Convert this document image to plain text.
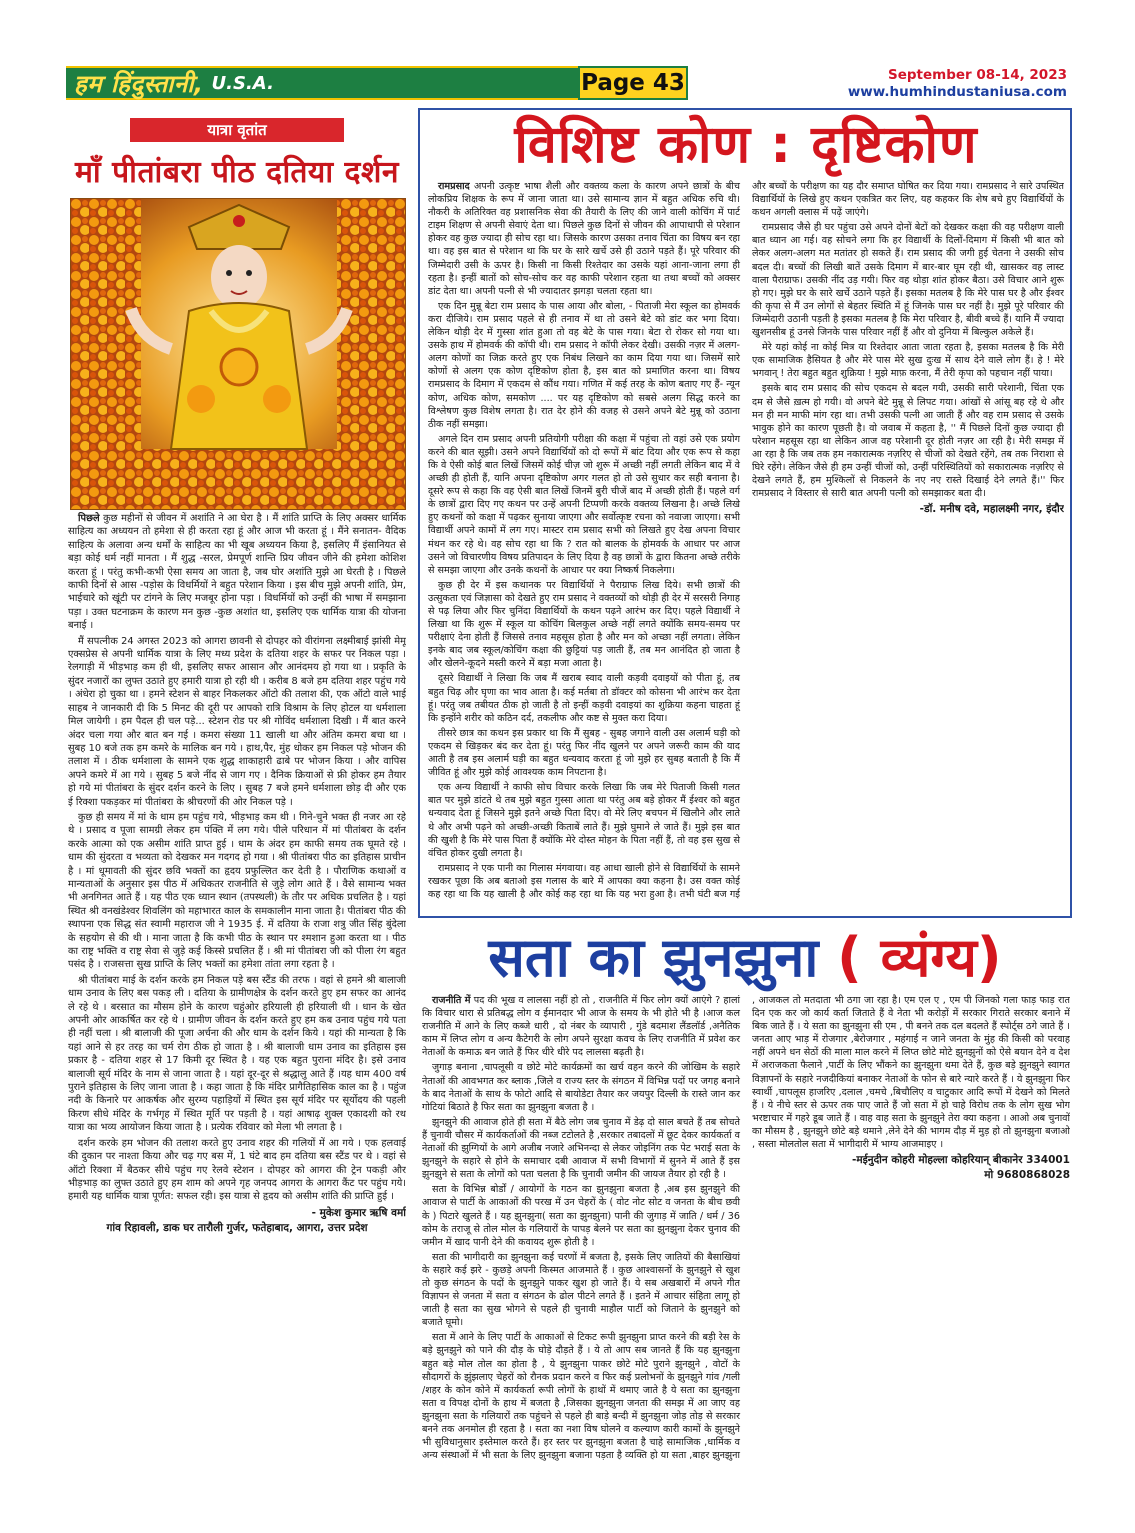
हम हिंदुस्तानी, U.S.A.	Page 43	September 08-14, 2023
www.humhindustaniusa.com
यात्रा वृतांत
माँ पीतांबरा पीठ दतिया दर्शन

पिछले कुछ महीनों से जीवन में अशांति ने आ घेरा है । मैं शांति प्राप्ति के लिए अक्सर धार्मिक साहित्य का अध्ययन तो हमेशा से ही करता रहा हूं और आज भी करता हूं । मैंने सनातन- वैदिक साहित्य के अलावा अन्य धर्मों के साहित्य का भी खूब अध्ययन किया है, इसलिए मैं इंसानियत से बड़ा कोई धर्म नहीं मानता । मैं शुद्ध -सरल, प्रेमपूर्ण शान्ति प्रिय जीवन जीने की हमेशा कोशिश करता हूं । परंतु कभी-कभी ऐसा समय आ जाता है, जब घोर अशांति मुझे आ घेरती है । पिछले काफी दिनों से आस -पड़ोस के विधर्मियों ने बहुत परेशान किया । इस बीच मुझे अपनी शांति, प्रेम, भाईचारे को खूंटी पर टांगने के लिए मजबूर होना पड़ा । विधर्मियों को उन्हीं की भाषा में समझाना पड़ा । उक्त घटनाक्रम के कारण मन कुछ -कुछ अशांत था, इसलिए एक धार्मिक यात्रा की योजना बनाई ।

मैं सपत्नीक 24 अगस्त 2023 को आगरा छावनी से दोपहर को वीरांगना लक्ष्मीबाई झांसी मेमू एक्सप्रेस से अपनी धार्मिक यात्रा के लिए मध्य प्रदेश के दतिया शहर के सफर पर निकल पड़ा । रेलगाड़ी में भीड़भाड़ कम ही थी, इसलिए सफर आसान और आनंदमय हो गया था । प्रकृति के सुंदर नजारों का लुफ्त उठाते हुए हमारी यात्रा हो रही थी । करीब 8 बजे हम दतिया शहर पहुंच गये । अंधेरा हो चुका था । हमने स्टेशन से बाहर निकलकर ऑटो की तलाश की, एक ऑटो वाले भाई साहब ने जानकारी दी कि 5 मिनट की दूरी पर आपको रात्रि विश्राम के लिए होटल या धर्मशाला मिल जायेगी । हम पैदल ही चल पड़े... स्टेशन रोड पर श्री गोविंद धर्मशाला दिखी । मैं बात करने अंदर चला गया और बात बन गई । कमरा संख्या 11 खाली था और अंतिम कमरा बचा था । सुबह 10 बजे तक हम कमरे के मालिक बन गये । हाथ,पैर, मुंह धोकर हम निकल पड़े भोजन की तलाश में । ठीक धर्मशाला के सामने एक शुद्ध शाकाहारी ढाबे पर भोजन किया । और वापिस अपने कमरे में आ गये । सुबह 5 बजे नींद से जाग गए । दैनिक क्रियाओं से फ्री होकर हम तैयार हो गये मां पीतांबरा के सुंदर दर्शन करने के लिए । सुबह 7 बजे हमने धर्मशाला छोड़ दी और एक ई रिक्शा पकड़कर मां पीतांबरा के श्रीचरणों की ओर निकल पड़े ।

कुछ ही समय में मां के धाम हम पहुंच गये, भीड़भाड़ कम थी । गिने-चुने भक्त ही नजर आ रहे थे । प्रसाद व पूजा सामग्री लेकर हम पंक्ति में लग गये। पीले परिधान में मां पीतांबरा के दर्शन करके आत्मा को एक असीम शांति प्राप्त हुई । धाम के अंदर हम काफी समय तक घूमते रहे । धाम की सुंदरता व भव्यता को देखकर मन गदगद हो गया । श्री पीतांबरा पीठ का इतिहास प्राचीन है । मां धूमावती की सुंदर छवि भक्तों का हृदय प्रफुल्लित कर देती है । पौराणिक कथाओं व मान्यताओं के अनुसार इस पीठ में अधिकतर राजनीति से जुड़े लोग आते हैं । वैसे सामान्य भक्त भी अनगिनत आते हैं । यह पीठ एक ध्यान स्थान (तपस्थली) के तौर पर अधिक प्रचलित है । यहां स्थित श्री वनखंडेश्वर शिवलिंग को महाभारत काल के समकालीन माना जाता है। पीतांबरा पीठ की स्थापना एक सिद्ध संत स्वामी महाराज जी ने 1935 ई. में दतिया के राजा शत्रु जीत सिंह बुंदेला के सहयोग से की थी । माना जाता है कि कभी पीठ के स्थान पर श्मशान हुआ करता था । पीठ का राष्ट्र भक्ति व राष्ट्र सेवा से जुड़े कई किस्से प्रचलित हैं । श्री मां पीतांबरा जी को पीला रंग बहुत पसंद है । राजसत्ता सुख प्राप्ति के लिए भक्तों का हमेशा तांता लगा रहता है ।

श्री पीतांबरा माई के दर्शन करके हम निकल पड़े बस स्टैंड की तरफ । वहां से हमने श्री बालाजी धाम उनाव के लिए बस पकड़ ली । दतिया के ग्रामीणक्षेत्र के दर्शन करते हुए हम सफर का आनंद ले रहे थे । बरसात का मौसम होने के कारण चहुंओर हरियाली ही हरियाली थी । धान के खेत अपनी ओर आकर्षित कर रहे थे । ग्रामीण जीवन के दर्शन करते हुए हम कब उनाव पहुंच गये पता ही नहीं चला । श्री बालाजी की पूजा अर्चना की और धाम के दर्शन किये । यहां की मान्यता है कि यहां आने से हर तरह का चर्म रोग ठीक हो जाता है । श्री बालाजी धाम उनाव का इतिहास इस प्रकार है - दतिया शहर से 17 किमी दूर स्थित है । यह एक बहुत पुराना मंदिर है। इसे उनाव बालाजी सूर्य मंदिर के नाम से जाना जाता है । यहां दूर-दूर से श्रद्धालु आते हैं ।यह धाम 400 वर्ष पुराने इतिहास के लिए जाना जाता है । कहा जाता है कि मंदिर प्रागैतिहासिक काल का है । पहुंज नदी के किनारे पर आकर्षक और सुरम्य पहाड़ियों में स्थित इस सूर्य मंदिर पर सूर्योदय की पहली किरण सीधे मंदिर के गर्भगृह में स्थित मूर्ति पर पड़ती है । यहां आषाढ़ शुक्ल एकादशी को रथ यात्रा का भव्य आयोजन किया जाता है । प्रत्येक रविवार को मेला भी लगता है ।

दर्शन करके हम भोजन की तलाश करते हुए उनाव शहर की गलियों में आ गये । एक हलवाई की दुकान पर नाश्ता किया और चढ़ गए बस में, 1 घंटे बाद हम दतिया बस स्टैंड पर थे । वहां से ऑटो रिक्शा में बैठकर सीधे पहुंच गए रेलवे स्टेशन । दोपहर को आगरा की ट्रेन पकड़ी और भीड़भाड़ का लुफ्त उठाते हुए हम शाम को अपने गृह जनपद आगरा के आगरा कैंट पर पहुंच गये। हमारी यह धार्मिक यात्रा पूर्णत: सफल रही। इस यात्रा से हृदय को असीम शांति की प्राप्ति हुई ।

- मुकेश कुमार ऋषि वर्मा

गांव रिहावली, डाक घर तारौली गुर्जर, फतेहाबाद, आगरा, उत्तर प्रदेश

विशिष्ट कोण : दृष्टिकोण

रामप्रसाद अपनी उत्कृष्ट भाषा शैली और वक्तव्य कला के कारण अपने छात्रों के बीच लोकप्रिय शिक्षक के रूप में जाना जाता था। उसे सामान्य ज्ञान में बहुत अधिक रुचि थी। नौकरी के अतिरिक्त वह प्रशासनिक सेवा की तैयारी के लिए की जाने वाली कोचिंग में पार्ट टाइम शिक्षण से अपनी सेवाएं देता था। पिछले कुछ दिनों से जीवन की आपाधापी से परेशान होकर वह कुछ ज्यादा ही सोच रहा था। जिसके कारण उसका तनाव चिंता का विषय बन रहा था। वह इस बात से परेशान था कि घर के सारे खर्चे उसे ही उठाने पड़ते हैं। पूरे परिवार की जिम्मेदारी उसी के ऊपर है। किसी ना किसी रिश्तेदार का उसके यहां आना-जाना लगा ही रहता है। इन्हीं बातों को सोच-सोच कर वह काफी परेशान रहता था तथा बच्चों को अक्सर डांट देता था। अपनी पत्नी से भी ज्यादातर झगड़ा चलता रहता था।

एक दिन मुन्नू बेटा राम प्रसाद के पास आया और बोला, - पिताजी मेरा स्कूल का होमवर्क करा दीजिये। राम प्रसाद पहले से ही तनाव में था तो उसने बेटे को डांट कर भगा दिया। लेकिन थोड़ी देर में गुस्सा शांत हुआ तो वह बेटे के पास गया। बेटा रो रोकर सो गया था। उसके हाथ में होमवर्क की कॉपी थी। राम प्रसाद ने कॉपी लेकर देखी। उसकी नज़र में अलग-अलग कोणों का जिक्र करते हुए एक निबंध लिखने का काम दिया गया था। जिसमें सारे कोणों से अलग एक कोण दृष्टिकोण होता है, इस बात को प्रमाणित करना था। विषय रामप्रसाद के दिमाग में एकदम से कौंध गया। गणित में कई तरह के कोण बताए गए हैं- न्यून कोण, अधिक कोण, समकोण .... पर यह दृष्टिकोण को सबसे अलग सिद्ध करने का विश्लेषण कुछ विशेष लगता है। रात देर होने की वजह से उसने अपने बेटे मुन्नू को उठाना ठीक नहीं समझा।

अगले दिन राम प्रसाद अपनी प्रतियोगी परीक्षा की कक्षा में पहुंचा तो वहां उसे एक प्रयोग करने की बात सूझी। उसने अपने विद्यार्थियों को दो रूपों में बांट दिया और एक रूप से कहा कि वे ऐसी कोई बात लिखें जिसमें कोई चीज़ जो शुरू में अच्छी नहीं लगती लेकिन बाद में वे अच्छी ही होती हैं, यानि अपना दृष्टिकोण अगर गलत हो तो उसे सुधार कर सही बनाना है। दूसरे रूप से कहा कि वह ऐसी बात लिखें जिनमें बुरी चीजें बाद में अच्छी होती हैं। पहले वर्ग के छात्रों द्वारा दिए गए कथन पर उन्हें अपनी टिप्पणी करके वक्तव्य लिखना है। अच्छे लिखे हुए कथनों को कक्षा में पढ़कर सुनाया जाएगा और सर्वोत्कृष्ट रचना को नवाजा जाएगा। सभी विद्यार्थी अपने कामों में लग गए। मास्टर राम प्रसाद सभी को लिखते हुए देख अपना विचार मंथन कर रहे थे। वह सोच रहा था कि ? रात को बालक के होमवर्क के आधार पर आज उसने जो विचारणीय विषय प्रतिपादन के लिए दिया है वह छात्रों के द्वारा कितना अच्छे तरीके से समझा जाएगा और उनके कथनों के आधार पर क्या निष्कर्ष निकलेगा।

कुछ ही देर में इस कथानक पर विद्यार्थियों ने पैराग्राफ लिख दिये। सभी छात्रों की उत्सुकता एवं जिज्ञासा को देखते हुए राम प्रसाद ने वक्तव्यों को थोड़ी ही देर में सरसरी निगाह से पढ़ लिया और फिर चुनिंदा विद्यार्थियों के कथन पढ़ने आरंभ कर दिए। पहले विद्यार्थी ने लिखा था कि शुरू में स्कूल या कोचिंग बिलकुल अच्छे नहीं लगते क्योंकि समय-समय पर परीक्षाएं देना होती हैं जिससे तनाव महसूस होता है और मन को अच्छा नहीं लगता। लेकिन इनके बाद जब स्कूल/कोचिंग कक्षा की छुट्टियां पड़ जाती हैं, तब मन आनंदित हो जाता है और खेलने-कूदने मस्ती करने में बड़ा मजा आता है।

दूसरे विद्यार्थी ने लिखा कि जब मैं खराब स्वाद वाली कड़वी दवाइयों को पीता हूं, तब बहुत चिढ़ और घृणा का भाव आता है। कई मर्तबा तो डॉक्टर को कोसना भी आरंभ कर देता हूं। परंतु जब तबीयत ठीक हो जाती है तो इन्हीं कड़वी दवाइयां का शुक्रिया कहना चाहता हूं कि इन्होंने शरीर को कठिन दर्द, तकलीफ और कष्ट से मुक्त करा दिया।

तीसरे छात्र का कथन इस प्रकार था कि मैं सुबह - सुबह जगाने वाली उस अलार्म घड़ी को एकदम से खिड़कर बंद कर देता हूं। परंतु फिर नींद खुलने पर अपने जरूरी काम की याद आती है तब इस अलार्म घड़ी का बहुत धन्यवाद करता हूं जो मुझे हर सुबह बताती है कि मैं जीवित हूं और मुझे कोई आवश्यक काम निपटाना है।

एक अन्य विद्यार्थी ने काफी सोच विचार करके लिखा कि जब मेरे पिताजी किसी गलत बात पर मुझे डांटते थे तब मुझे बहुत गुस्सा आता था परंतु अब बड़े होकर मैं ईश्वर को बहुत धन्यवाद देता हूं जिसने मुझे इतने अच्छे पिता दिए। वो मेरे लिए बचपन में खिलौने और लाते थे और अभी पढ़ने को अच्छी-अच्छी किताबें लाते हैं। मुझे घुमाने ले जाते हैं। मुझे इस बात की खुशी है कि मेरे पास पिता हैं क्योंकि मेरे दोस्त मोहन के पिता नहीं हैं, तो वह इस सुख से वंचित होकर दुखी लगता है।

रामप्रसाद ने एक पानी का गिलास मंगवाया। वह आधा खाली होने से विद्यार्थियों के सामने रखकर पूछा कि अब बताओ इस गलास के बारे में आपका क्या कहना है। उस वक्त कोई कह रहा था कि यह खाली है और कोई कह रहा था कि यह भरा हुआ है। तभी घंटी बज गई और बच्चों के परीक्षण का यह दौर समाप्त घोषित कर दिया गया। रामप्रसाद ने सारे उपस्थित विद्यार्थियों के लिखे हुए कथन एकत्रित कर लिए, यह कहकर कि शेष बचे हुए विद्यार्थियों के कथन अगली क्लास में पढ़ें जाएंगे।

रामप्रसाद जैसे ही घर पहुंचा उसे अपने दोनों बेटों को देखकर कक्षा की वह परीक्षण वाली बात ध्यान आ गई। वह सोचने लगा कि हर विद्यार्थी के दिलों-दिमाग में किसी भी बात को लेकर अलग-अलग मत मतांतर हो सकते हैं। राम प्रसाद की जगी हुई चेतना ने उसकी सोच बदल दी। बच्चों की लिखी बातें उसके दिमाग में बार-बार घूम रही थी, खासकर वह लास्ट वाला पैराग्राफ। उसकी नींद उड़ गयी। फिर वह थोड़ा शांत होकर बैठा। उसे विचार आने शुरू हो गए। मुझे घर के सारे खर्चे उठाने पड़ते हैं। इसका मतलब है कि मेरे पास घर है और ईश्वर की कृपा से मैं उन लोगों से बेहतर स्थिति में हूं जिनके पास घर नहीं है। मुझे पूरे परिवार की जिम्मेदारी उठानी पड़ती है इसका मतलब है कि मेरा परिवार है, बीवी बच्चे हैं। यानि मैं ज्यादा खुशनसीब हूं उनसे जिनके पास परिवार नहीं हैं और वो दुनिया में बिल्कुल अकेले हैं।

मेरे यहां कोई ना कोई मित्र या रिश्तेदार आता जाता रहता है, इसका मतलब है कि मेरी एक सामाजिक हैसियत है और मेरे पास मेरे सुख दुःख में साथ देने वाले लोग हैं। हे ! मेरे भगवान्‌ ! तेरा बहुत बहुत शुक्रिया ! मुझे माफ़ करना, मैं तेरी कृपा को पहचान नहीं पाया।

इसके बाद राम प्रसाद की सोच एकदम से बदल गयी, उसकी सारी परेशानी, चिंता एक दम से जैसे ख़त्म हो गयी। वो अपने बेटे मुन्नू से लिपट गया। आंखों से आंसू बह रहे थे और मन ही मन माफी मांग रहा था। तभी उसकी पत्नी आ जाती हैं और वह राम प्रसाद से उसके भावुक होने का कारण पूछती है। वो जवाब में कहता है, '' मैं पिछले दिनों कुछ ज्यादा ही परेशान महसूस रहा था लेकिन आज वह परेशानी दूर होती नज़र आ रही है। मेरी समझ में आ रहा है कि जब तक हम नकारात्मक नज़रिए से चीजों को देखते रहेंगे, तब तक निराशा से घिरे रहेंगे। लेकिन जैसे ही हम उन्हीं चीजों को, उन्हीं परिस्थितियों को सकारात्मक नज़रिए से देखने लगते हैं, हम मुश्किलों से निकलने के नए नए रास्ते दिखाई देने लगते हैं।'' फिर रामप्रसाद ने विस्तार से सारी बात अपनी पत्नी को समझाकर बता दी।

-डॉ. मनीष दवे, महालक्ष्मी नगर, इंदौर

सता का झुनझुना ( व्यंग्य)

राजनीति में पद की भूख व लालसा नहीं हो तो , राजनीति में फिर लोग क्यों आएंगे ? हालां कि विचार धारा से प्रतिबद्ध लोग व ईमानदार भी आज के समय के भी होते भी है ।आज कल राजनीति में आने के लिए कब्जे धारी , दो नंबर के व्यापारी , गुंडे बदमाश लैंडलॉर्ड ,अनैतिक काम में लिप्त लोग व अन्य कैटेगरी के लोग अपने सुरक्षा कवच के लिए राजनीति में प्रवेश कर नेताओं के कमाऊ बन जाते हैं फिर धीरे धीरे पद लालसा बढ़ती है।

जुगाड़ बनाना ,चापलूसी व छोटे मोटे कार्यक्रमों का खर्च वहन करने की जोखिम के सहारे नेताओं की आवभगत कर ब्लाक ,जिले व राज्य स्तर के संगठन में विभिन्न पदों पर जगह बनाने के बाद नेताओं के साथ के फोटो आदि से बायोडेटा तैयार कर जयपुर दिल्ली के रास्ते जान कर गोटियां बिठाते है फिर सता का झुनझुना बजता है ।

झुनझुने की आवाज होते ही सता में बैठे लोग जब चुनाव में डेढ़ दो साल बचते हैं तब सोचते हैं चुनावी चौसर में कार्यकर्ताओं की नब्ज टटोलते है ,सरकार तबादलों में छूट देकर कार्यकर्ता व नेताओं की झुग्गियों के आगे अजीब नजारे अभिनन्दा से लेकर जोइनिंग तक पेट भराई सता के झुनझुने के सहारे से होने के समाचार दबी आवाज में सभी विभागों में सुनने में आते हैं इस झुनझुने से सता के लोगों को पता चलता है कि चुनावी जमीन की जायज तैयार हो रही है ।

सता के विभिन्न बोर्डों / आयोगों के गठन का झुनझुना बजता है ,अब इस झुनझुने की आवाज से पार्टी के आकाओं की परख में उन चेहरों के ( वोट नोट सोट व जनता के बीच छवी के ) पिटारे खुलते हैं । यह झुनझुना( सता का झुनझुना) पानी की जुगाड़ में जाति / धर्म / 36 कोम के तराजू से तोल मोल के गलियारों के पापड़ बेलने पर सता का झुनझुना देकर चुनाव की जमीन में खाद पानी देने की कवायद शुरू होती है ।

सता की भागीदारी का झुनझुना कई चरणों में बजता है, इसके लिए जातियों की बैसाखियां के सहारे कई झरे - कुछड़े अपनी किस्मत आजमाते हैं । कुछ आश्वासनों के झुनझुने से खुश तो कुछ संगठन के पदों के झुनझुने पाकर खुश हो जाते हैं। ये सब अखबारों में अपने गीत विज्ञापन से जनता में सता व संगठन के ढोल पीटने लगते हैं । इतने में आचार संहिता लागू हो जाती है सता का सुख भोगने से पहले ही चुनावी माहौल पार्टी को जिताने के झुनझुने को बजाते घूमो।

सता में आने के लिए पार्टी के आकाओं से टिकट रूपी झुनझुना प्राप्त करने की बड़ी रेस के बड़े झुनझुने को पाने की दौड़ के घोड़े दौड़ते हैं । ये तो आप सब जानते हैं कि यह झुनझुना बहुत बड़े मोल तोल का होता है , ये झुनझुना पाकर छोटे मोटे पुराने झुनझुने , वोटों के सौदागरों के झुंझलाए चेहरों को रौनक प्रदान करने व फिर कई प्रलोभनों के झुनझुने गांव /गली /शहर के कोन कोने में कार्यकर्ता रूपी लोगों के हाथों में थमाए जाते है ये सता का झुनझुना सता व विपक्ष दोनों के हाथ में बजता है ,जिसका झुनझुना जनता की समझ में आ जाए वह झुनझुना सता के गलियारों तक पहुंचने से पहले ही बाड़े बन्दी में झुनझुना जोड़ तोड़ से सरकार बनने तक अनमोल ही रहता है । सता का नशा विष घोलने व कल्याण कारी कामों के झुनझुने भी सुविधानुसार इस्तेमाल करते हैं। हर स्तर पर झुनझुना बजता है चाहे सामाजिक ,धार्मिक व अन्य संस्थाओं में भी सता के लिए झुनझुना बजाना पड़ता है व्यक्ति हो या सता ,बाहर झुनझुना , आजकल तो मतदाता भी ठगा जा रहा है। एम एल ए , एम पी जिनको गला फाड़ फाड़ रात दिन एक कर जो कार्य कर्ता जिताते हैं वे नेता भी करोड़ों में सरकार गिराते सरकार बनाने में बिक जाते हैं । ये सता का झुनझुना सी एम , पी बनने तक दल बदलते हैं स्पोर्ट्स ठगे जाते हैं ।जनता आए भाड़ में रोजगार ,बेरोजगार , महंगाई न जाने जनता के मुंह की किसी को परवाह नहीं अपने धन सेठों की माला माल करने में लिप्त छोटे मोटे झुनझुनों को ऐसे बयान देने व देश में अराजकता फैलाने ,पार्टी के लिए भौंकने का झुनझुना थमा देते हैं, कुछ बड़े झुनझुने स्वागत विज्ञापनों के सहारे नजदीकियां बनाकर नेताओं के फोन से बारे न्यारे करते हैं । ये झुनझुना फिर स्वार्थी ,चापलूस हाजरिए ,दलाल ,चमचे ,बिचौलिए व चाटुकार आदि रूपों में देखने को मिलते हैं । ये नीचे स्तर से ऊपर तक पाए जाते हैं जो सता में हो चाहे विरोध तक के लोग सुख भोग भरष्टाचार में गहरे डूब जाते हैं । वाह वाह सता के झुनझुने तेरा क्या कहना । आओ अब चुनावों का मौसम है , झुनझुने छोटे बड़े थमाने ,लेने देने की भागम दौड़ में मुड़ हो तो झुनझुना बजाओ , सस्ता मोलतोल सता में भागीदारी में भाग्य आजमाइए ।

-मईनुदीन कोहरी मोहल्ला कोहरियान् बीकानेर 334001

मो 9680868028
